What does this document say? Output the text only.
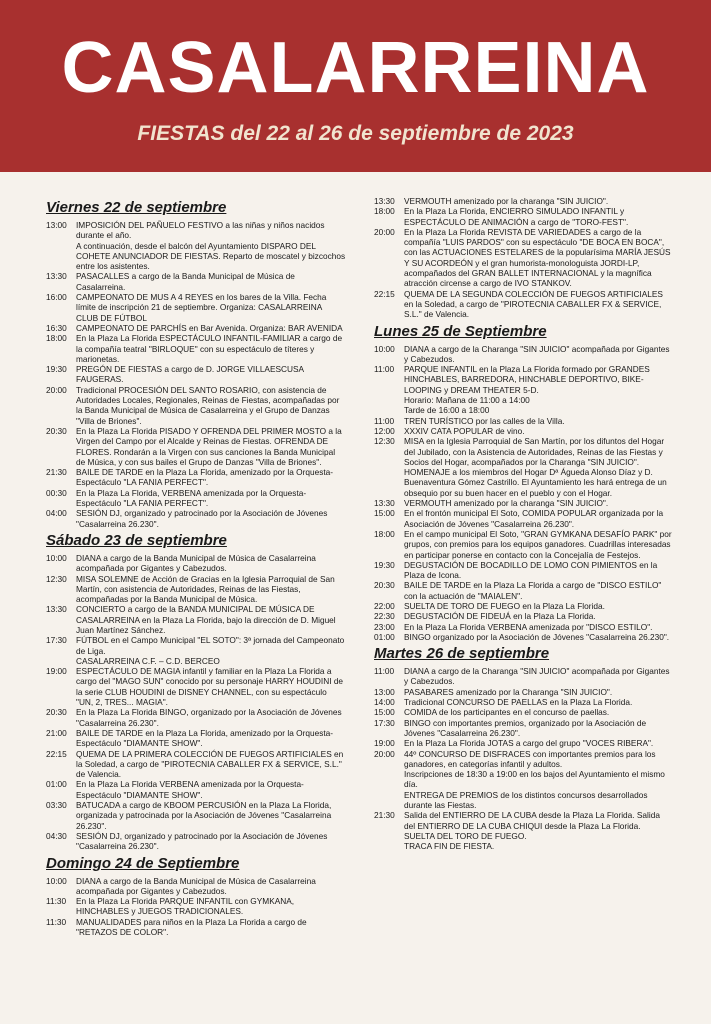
CASALARREINA
FIESTAS del 22 al 26 de septiembre de 2023
Viernes 22 de septiembre
13:00	IMPOSICIÓN DEL PAÑUELO FESTIVO a las niñas y niños nacidos durante el año.
A continuación, desde el balcón del Ayuntamiento DISPARO DEL COHETE ANUNCIADOR DE FIESTAS. Reparto de moscatel y bizcochos entre los asistentes.
13:30	PASACALLES a cargo de la Banda Municipal de Música de Casalarreina.
16:00	CAMPEONATO DE MUS A 4 REYES en los bares de la Villa. Fecha límite de inscripción 21 de septiembre. Organiza: CASALARREINA CLUB DE FÚTBOL
16:30	CAMPEONATO DE PARCHÍS en Bar Avenida. Organiza: BAR AVENIDA
18:00	En la Plaza La Florida ESPECTÁCULO INFANTIL-FAMILIAR a cargo de la compañía teatral "BIRLOQUE" con su espectáculo de títeres y marionetas.
19:30	PREGÓN DE FIESTAS a cargo de D. JORGE VILLAESCUSA FAUGERAS.
20:00	Tradicional PROCESIÓN DEL SANTO ROSARIO, con asistencia de Autoridades Locales, Regionales, Reinas de Fiestas, acompañadas por la Banda Municipal de Música de Casalarreina y el Grupo de Danzas "Villa de Briones".
20:30	En la Plaza La Florida PISADO Y OFRENDA DEL PRIMER MOSTO a la Virgen del Campo por el Alcalde y Reinas de Fiestas. OFRENDA DE FLORES. Rondarán a la Virgen con sus canciones la Banda Municipal de Música, y con sus bailes el Grupo de Danzas "Villa de Briones".
21:30	BAILE DE TARDE en la Plaza La Florida, amenizado por la Orquesta-Espectáculo "LA FANIA PERFECT".
00:30	En la Plaza La Florida, VERBENA amenizada por la Orquesta-Espectáculo "LA FANIA PERFECT".
04:00	SESIÓN DJ, organizado y patrocinado por la Asociación de Jóvenes "Casalarreina 26.230".
Sábado 23 de septiembre
10:00	DIANA a cargo de la Banda Municipal de Música de Casalarreina acompañada por Gigantes y Cabezudos.
12:30	MISA SOLEMNE de Acción de Gracias en la Iglesia Parroquial de San Martín, con asistencia de Autoridades, Reinas de las Fiestas, acompañadas por la Banda Municipal de Música.
13:30	CONCIERTO a cargo de la BANDA MUNICIPAL DE MÚSICA DE CASALARREINA en la Plaza La Florida, bajo la dirección de D. Miguel Juan Martínez Sánchez.
17:30	FÚTBOL en el Campo Municipal "EL SOTO": 3ª jornada del Campeonato de Liga.
CASALARREINA C.F. – C.D. BERCEO
19:00	ESPECTÁCULO DE MAGIA infantil y familiar en la Plaza La Florida a cargo del "MAGO SUN" conocido por su personaje HARRY HOUDINI de la serie CLUB HOUDINI de DISNEY CHANNEL, con su espectáculo "UN, 2, TRES... MAGIA".
20:30	En la Plaza La Florida BINGO, organizado por la Asociación de Jóvenes "Casalarreina 26.230".
21:00	BAILE DE TARDE en la Plaza La Florida, amenizado por la Orquesta-Espectáculo "DIAMANTE SHOW".
22:15	QUEMA DE LA PRIMERA COLECCIÓN DE FUEGOS ARTIFICIALES en la Soledad, a cargo de "PIROTECNIA CABALLER FX & SERVICE, S.L." de Valencia.
01:00	En la Plaza La Florida VERBENA amenizada por la Orquesta-Espectáculo "DIAMANTE SHOW".
03:30	BATUCADA a cargo de KBOOM PERCUSIÓN en la Plaza La Florida, organizada y patrocinada por la Asociación de Jóvenes "Casalarreina 26.230".
04:30	SESIÓN DJ, organizado y patrocinado por la Asociación de Jóvenes "Casalarreina 26.230".
Domingo 24 de Septiembre
10:00	DIANA a cargo de la Banda Municipal de Música de Casalarreina acompañada por Gigantes y Cabezudos.
11:30	En la Plaza La Florida PARQUE INFANTIL con GYMKANA, HINCHABLES y JUEGOS TRADICIONALES.
11:30	MANUALIDADES para niños en la Plaza La Florida a cargo de "RETAZOS DE COLOR".
13:30	VERMOUTH amenizado por la charanga "SIN JUICIO".
18:00	En la Plaza La Florida, ENCIERRO SIMULADO INFANTIL y ESPECTÁCULO DE ANIMACIÓN a cargo de "TORO-FEST".
20:00	En la Plaza La Florida REVISTA DE VARIEDADES a cargo de la compañía "LUIS PARDOS" con su espectáculo "DE BOCA EN BOCA", con las ACTUACIONES ESTELARES de la popularísima MARÍA JESÚS Y SU ACORDEÓN y el gran humorista-monologuista JORDI-LP, acompañados del GRAN BALLET INTERNACIONAL y la magnífica atracción circense a cargo de IVO STANKOV.
22:15	QUEMA DE LA SEGUNDA COLECCIÓN DE FUEGOS ARTIFICIALES en la Soledad, a cargo de "PIROTECNIA CABALLER FX & SERVICE, S.L." de Valencia.
Lunes 25 de Septiembre
10:00	DIANA a cargo de la Charanga "SIN JUICIO" acompañada por Gigantes y Cabezudos.
11:00	PARQUE INFANTIL en la Plaza La Florida formado por GRANDES HINCHABLES, BARREDORA, HINCHABLE DEPORTIVO, BIKE-LOOPING y DREAM THEATER 5-D.
Horario: Mañana de 11:00 a 14:00
Tarde de 16:00 a 18:00
11:00	TREN TURÍSTICO por las calles de la Villa.
12:00	XXXIV CATA POPULAR de vino.
12:30	MISA en la Iglesia Parroquial de San Martín, por los difuntos del Hogar del Jubilado, con la Asistencia de Autoridades, Reinas de las Fiestas y Socios del Hogar, acompañados por la Charanga "SIN JUICIO".
HOMENAJE a los miembros del Hogar Dª Águeda Alonso Díaz y D. Buenaventura Gómez Castrillo. El Ayuntamiento les hará entrega de un obsequio por su buen hacer en el pueblo y con el Hogar.
13:30	VERMOUTH amenizado por la charanga "SIN JUICIO".
15:00	En el frontón municipal El Soto, COMIDA POPULAR organizada por la Asociación de Jóvenes "Casalarreina 26.230".
18:00	En el campo municipal El Soto, "GRAN GYMKANA DESAFÍO PARK" por grupos, con premios para los equipos ganadores. Cuadrillas interesadas en participar ponerse en contacto con la Concejalía de Festejos.
19:30	DEGUSTACIÓN DE BOCADILLO DE LOMO CON PIMIENTOS en la Plaza de Icona.
20:30	BAILE DE TARDE en la Plaza La Florida a cargo de "DISCO ESTILO" con la actuación de "MAIALEN".
22:00	SUELTA DE TORO DE FUEGO en la Plaza La Florida.
22:30	DEGUSTACIÓN DE FIDEUÁ en la Plaza La Florida.
23:00	En la Plaza La Florida VERBENA amenizada por "DISCO ESTILO".
01:00	BINGO organizado por la Asociación de Jóvenes "Casalarreina 26.230".
Martes 26 de septiembre
11:00	DIANA a cargo de la Charanga "SIN JUICIO" acompañada por Gigantes y Cabezudos.
13:00	PASABARES amenizado por la Charanga "SIN JUICIO".
14:00	Tradicional CONCURSO DE PAELLAS en la Plaza La Florida.
15:00	COMIDA de los participantes en el concurso de paellas.
17:30	BINGO con importantes premios, organizado por la Asociación de Jóvenes "Casalarreina 26.230".
19:00	En la Plaza La Florida JOTAS a cargo del grupo "VOCES RIBERA".
20:00	44º CONCURSO DE DISFRACES con importantes premios para los ganadores, en categorías infantil y adultos.
Inscripciones de 18:30 a 19:00 en los bajos del Ayuntamiento el mismo día.
ENTREGA DE PREMIOS de los distintos concursos desarrollados durante las Fiestas.
21:30	Salida del ENTIERRO DE LA CUBA desde la Plaza La Florida. Salida del ENTIERRO DE LA CUBA CHIQUI desde la Plaza La Florida.
SUELTA DEL TORO DE FUEGO.
TRACA FIN DE FIESTA.
